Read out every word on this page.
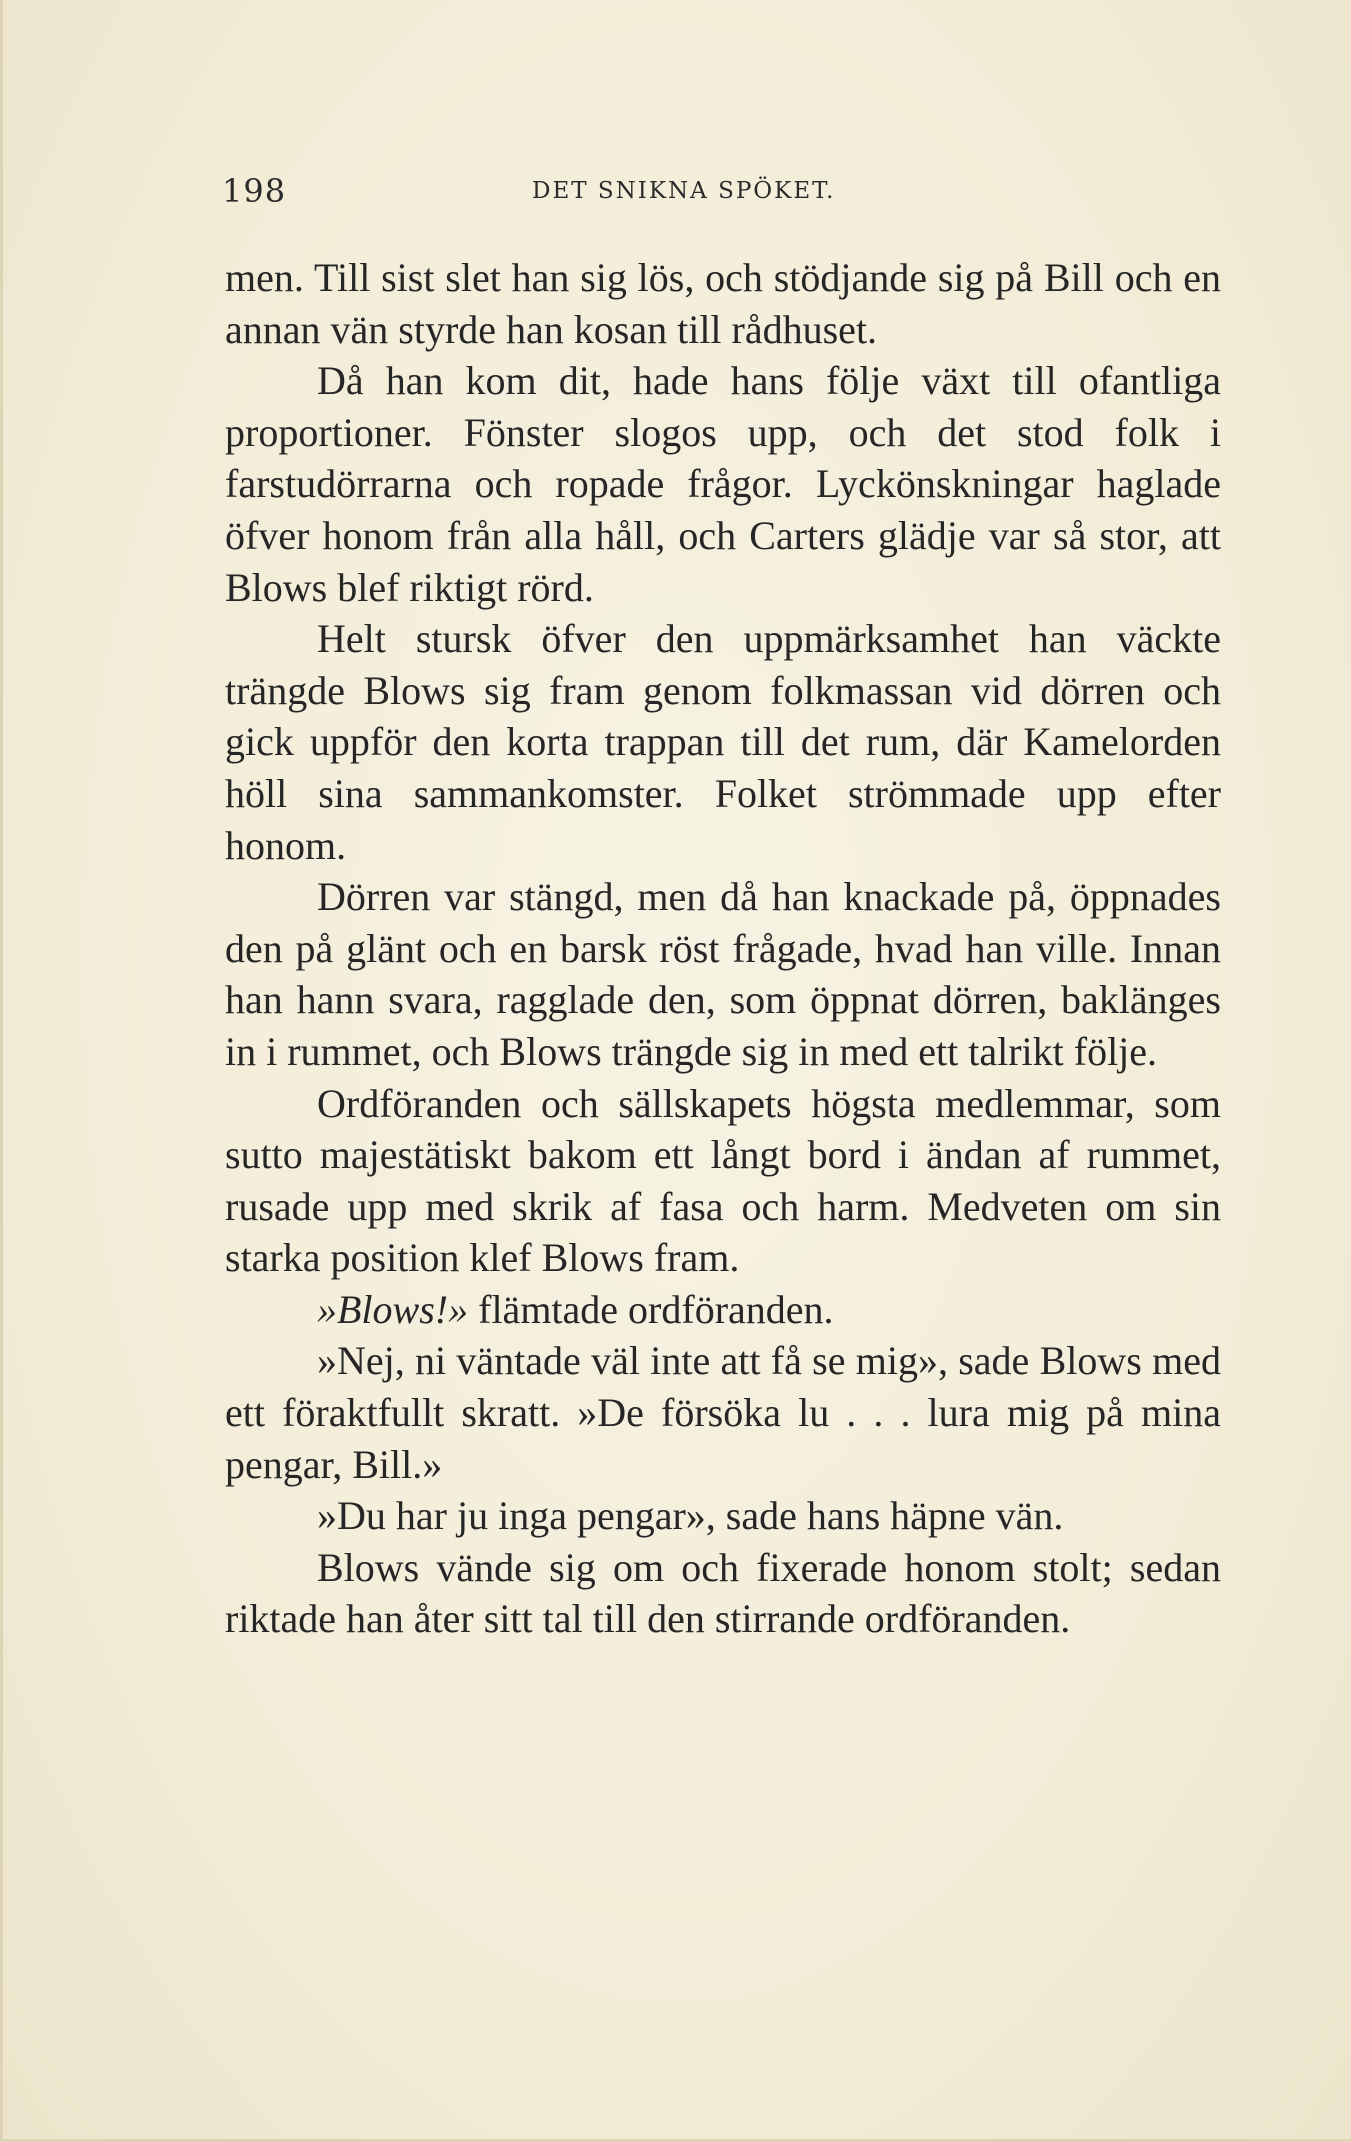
198	DET SNIKNA SPÖKET.

men. Till sist slet han sig lös, och stödjande sig på Bill och en annan vän styrde han kosan till rådhuset.

Då han kom dit, hade hans följe växt till ofantliga proportioner. Fönster slogos upp, och det stod folk i farstudörrarna och ropade frågor. Lyckönskningar haglade öfver honom från alla håll, och Carters glädje var så stor, att Blows blef riktigt rörd.

Helt stursk öfver den uppmärksamhet han väckte trängde Blows sig fram genom folkmassan vid dörren och gick uppför den korta trappan till det rum, där Kamelorden höll sina sammankomster. Folket strömmade upp efter honom.

Dörren var stängd, men då han knackade på, öppnades den på glänt och en barsk röst frågade, hvad han ville. Innan han hann svara, ragglade den, som öppnat dörren, baklänges in i rummet, och Blows trängde sig in med ett talrikt följe.

Ordföranden och sällskapets högsta medlemmar, som sutto majestätiskt bakom ett långt bord i ändan af rummet, rusade upp med skrik af fasa och harm. Medveten om sin starka position klef Blows fram.

»Blows!» flämtade ordföranden.

»Nej, ni väntade väl inte att få se mig», sade Blows med ett föraktfullt skratt. »De försöka lu . . . lura mig på mina pengar, Bill.»

»Du har ju inga pengar», sade hans häpne vän.

Blows vände sig om och fixerade honom stolt; sedan riktade han åter sitt tal till den stirrande ordföranden.
